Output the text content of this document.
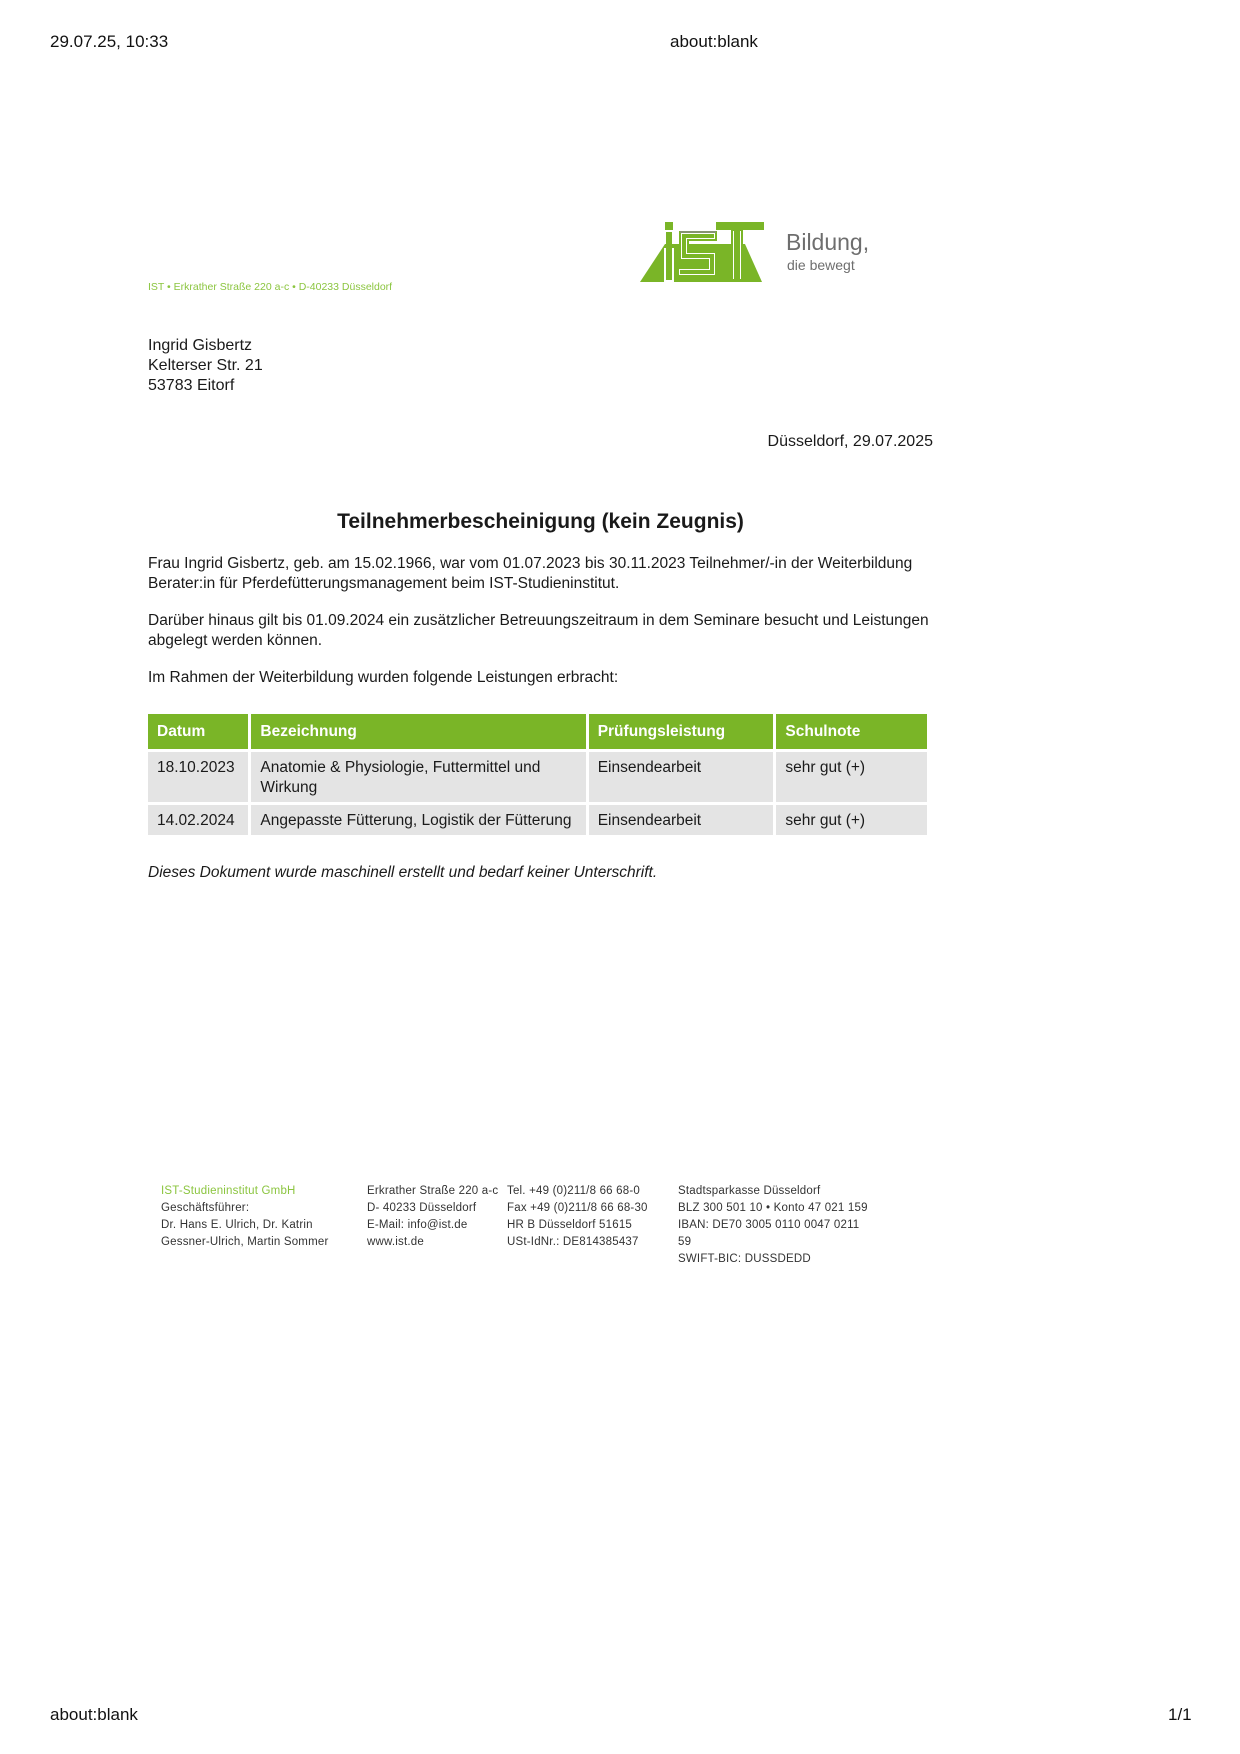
29.07.25, 10:33	about:blank
Bildung,
die bewegt
IST • Erkrather Straße 220 a-c • D-40233 Düsseldorf
Ingrid Gisbertz
Kelterser Str. 21
53783 Eitorf
Düsseldorf, 29.07.2025
Teilnehmerbescheinigung (kein Zeugnis)
Frau Ingrid Gisbertz, geb. am 15.02.1966, war vom 01.07.2023 bis 30.11.2023 Teilnehmer/-in der Weiterbildung Berater:in für Pferdefütterungsmanagement beim IST-Studieninstitut.
Darüber hinaus gilt bis 01.09.2024 ein zusätzlicher Betreuungszeitraum in dem Seminare besucht und Leistungen abgelegt werden können.
Im Rahmen der Weiterbildung wurden folgende Leistungen erbracht:
Datum	Bezeichnung	Prüfungsleistung	Schulnote
18.10.2023	Anatomie & Physiologie, Futtermittel und Wirkung	Einsendearbeit	sehr gut (+)
14.02.2024	Angepasste Fütterung, Logistik der Fütterung	Einsendearbeit	sehr gut (+)
Dieses Dokument wurde maschinell erstellt und bedarf keiner Unterschrift.
IST-Studieninstitut GmbH
Geschäftsführer:
Dr. Hans E. Ulrich, Dr. Katrin
Gessner-Ulrich, Martin Sommer
Erkrather Straße 220 a-c
D- 40233 Düsseldorf
E-Mail: info@ist.de
www.ist.de
Tel. +49 (0)211/8 66 68-0
Fax +49 (0)211/8 66 68-30
HR B Düsseldorf 51615
USt-IdNr.: DE814385437
Stadtsparkasse Düsseldorf
BLZ 300 501 10 • Konto 47 021 159
IBAN: DE70 3005 0110 0047 0211
59
SWIFT-BIC: DUSSDEDD
about:blank	1/1
